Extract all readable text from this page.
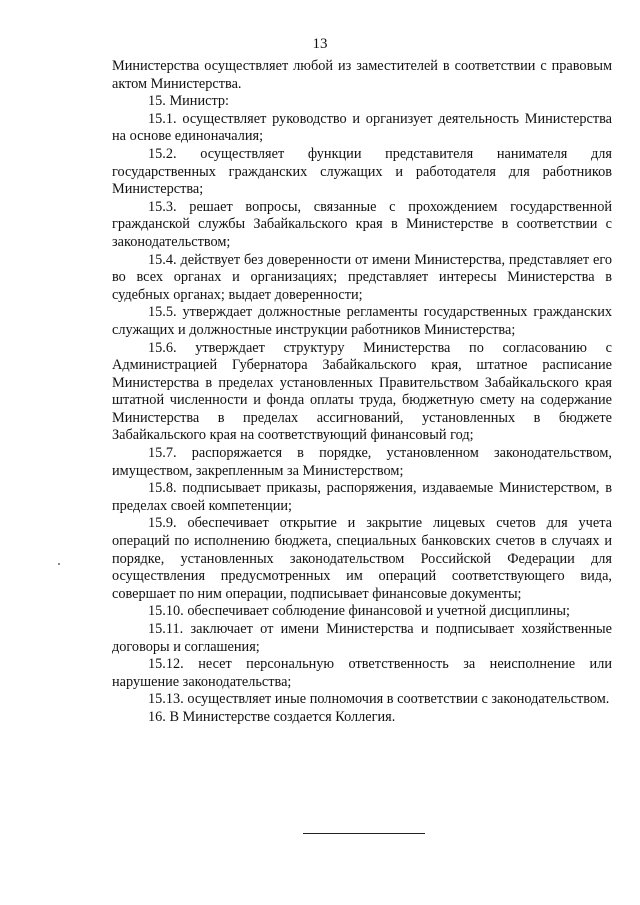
13

Министерства осуществляет любой из заместителей в соответствии с правовым актом Министерства.

15. Министр:

15.1. осуществляет руководство и организует деятельность Министерства на основе единоначалия;

15.2. осуществляет функции представителя нанимателя для государственных гражданских служащих и работодателя для работников Министерства;

15.3. решает вопросы, связанные с прохождением государственной гражданской службы Забайкальского края в Министерстве в соответствии с законодательством;

15.4. действует без доверенности от имени Министерства, представляет его во всех органах и организациях; представляет интересы Министерства в судебных органах; выдает доверенности;

15.5. утверждает должностные регламенты государственных гражданских служащих и должностные инструкции работников Министерства;

15.6. утверждает структуру Министерства по согласованию с Администрацией Губернатора Забайкальского края, штатное расписание Министерства в пределах установленных Правительством Забайкальского края штатной численности и фонда оплаты труда, бюджетную смету на содержание Министерства в пределах ассигнований, установленных в бюджете Забайкальского края на соответствующий финансовый год;

15.7. распоряжается в порядке, установленном законодательством, имуществом, закрепленным за Министерством;

15.8. подписывает приказы, распоряжения, издаваемые Министерством, в пределах своей компетенции;

15.9. обеспечивает открытие и закрытие лицевых счетов для учета операций по исполнению бюджета, специальных банковских счетов в случаях и порядке, установленных законодательством Российской Федерации для осуществления предусмотренных им операций соответствующего вида, совершает по ним операции, подписывает финансовые документы;

15.10. обеспечивает соблюдение финансовой и учетной дисциплины;

15.11. заключает от имени Министерства и подписывает хозяйственные договоры и соглашения;

15.12. несет персональную ответственность за неисполнение или нарушение законодательства;

15.13. осуществляет иные полномочия в соответствии с законодательством.

16. В Министерстве создается Коллегия.
